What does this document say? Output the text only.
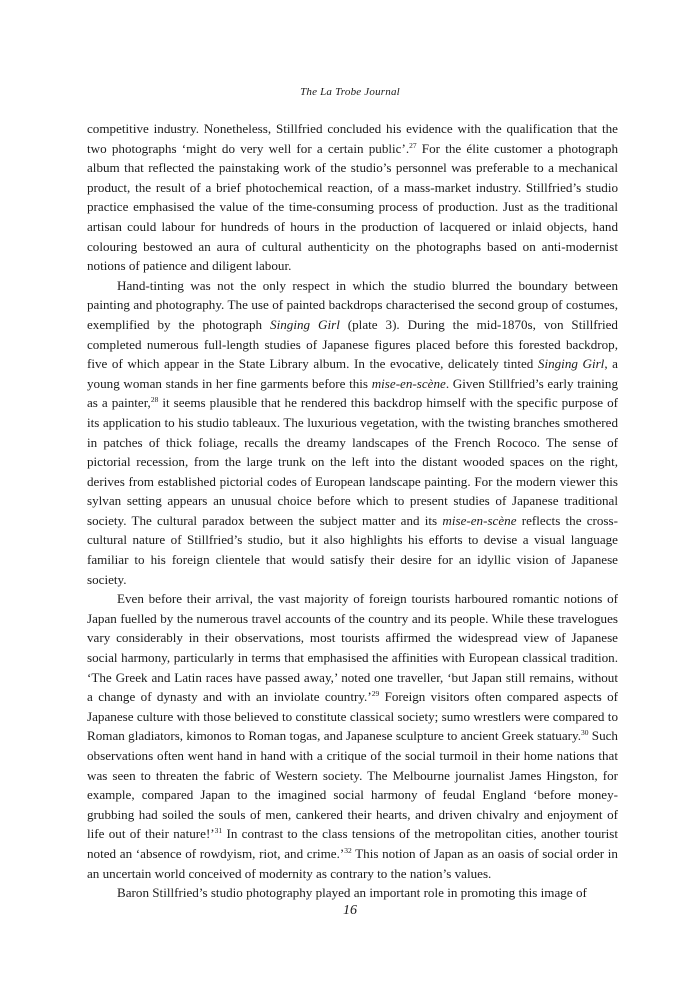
The La Trobe Journal

competitive industry. Nonetheless, Stillfried concluded his evidence with the qualification that the two photographs ‘might do very well for a certain public’.$^{27}$ For the élite customer a photograph album that reflected the painstaking work of the studio’s personnel was preferable to a mechanical product, the result of a brief photochemical reaction, of a mass-market industry. Stillfried’s studio practice emphasised the value of the time-consuming process of production. Just as the traditional artisan could labour for hundreds of hours in the production of lacquered or inlaid objects, hand colouring bestowed an aura of cultural authenticity on the photographs based on anti-modernist notions of patience and diligent labour.

Hand-tinting was not the only respect in which the studio blurred the boundary between painting and photography. The use of painted backdrops characterised the second group of costumes, exemplified by the photograph Singing Girl (plate 3). During the mid-1870s, von Stillfried completed numerous full-length studies of Japanese figures placed before this forested backdrop, five of which appear in the State Library album. In the evocative, delicately tinted Singing Girl, a young woman stands in her fine garments before this mise-en-scène. Given Stillfried’s early training as a painter,$^{28}$ it seems plausible that he rendered this backdrop himself with the specific purpose of its application to his studio tableaux. The luxurious vegetation, with the twisting branches smothered in patches of thick foliage, recalls the dreamy landscapes of the French Rococo. The sense of pictorial recession, from the large trunk on the left into the distant wooded spaces on the right, derives from established pictorial codes of European landscape painting. For the modern viewer this sylvan setting appears an unusual choice before which to present studies of Japanese traditional society. The cultural paradox between the subject matter and its mise-en-scène reflects the cross-cultural nature of Stillfried’s studio, but it also highlights his efforts to devise a visual language familiar to his foreign clientele that would satisfy their desire for an idyllic vision of Japanese society.

Even before their arrival, the vast majority of foreign tourists harboured romantic notions of Japan fuelled by the numerous travel accounts of the country and its people. While these travelogues vary considerably in their observations, most tourists affirmed the widespread view of Japanese social harmony, particularly in terms that emphasised the affinities with European classical tradition. ‘The Greek and Latin races have passed away,’ noted one traveller, ‘but Japan still remains, without a change of dynasty and with an inviolate country.’$^{29}$ Foreign visitors often compared aspects of Japanese culture with those believed to constitute classical society; sumo wrestlers were compared to Roman gladiators, kimonos to Roman togas, and Japanese sculpture to ancient Greek statuary.$^{30}$ Such observations often went hand in hand with a critique of the social turmoil in their home nations that was seen to threaten the fabric of Western society. The Melbourne journalist James Hingston, for example, compared Japan to the imagined social harmony of feudal England ‘before money-grubbing had soiled the souls of men, cankered their hearts, and driven chivalry and enjoyment of life out of their nature!’$^{31}$ In contrast to the class tensions of the metropolitan cities, another tourist noted an ‘absence of rowdyism, riot, and crime.’$^{32}$ This notion of Japan as an oasis of social order in an uncertain world conceived of modernity as contrary to the nation’s values.

Baron Stillfried’s studio photography played an important role in promoting this image of

16
